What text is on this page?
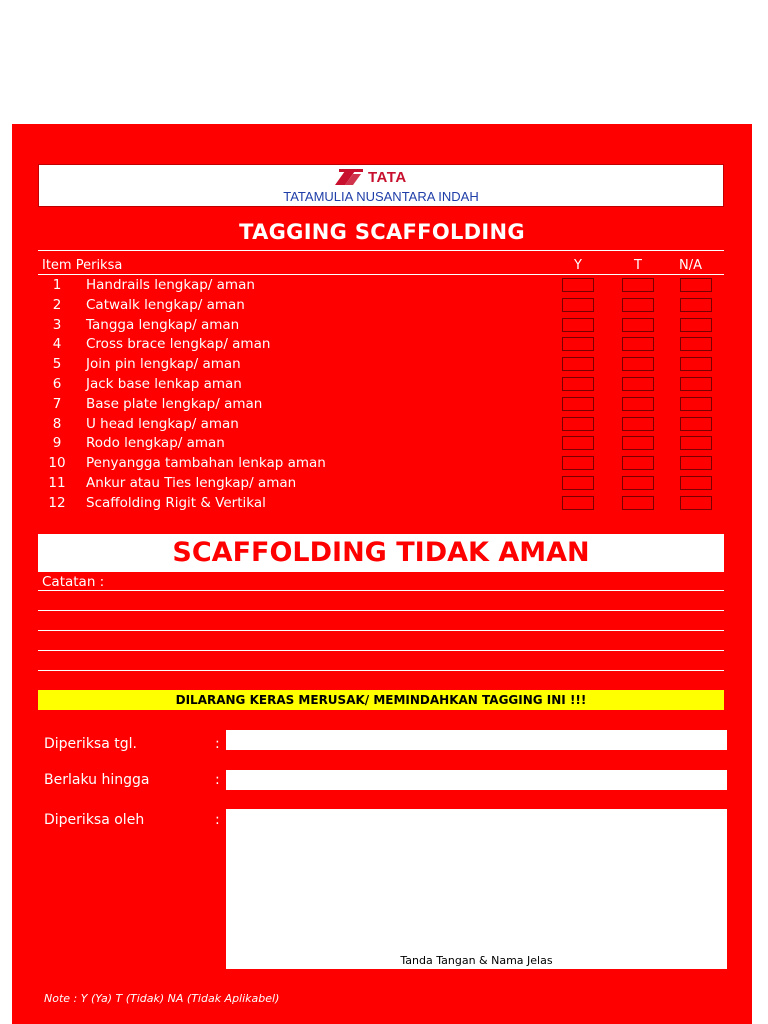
TATA
TATAMULIA NUSANTARA INDAH
TAGGING SCAFFOLDING
Item Periksa	Y	T	N/A
1	Handrails lengkap/ aman
2	Catwalk lengkap/ aman
3	Tangga lengkap/ aman
4	Cross brace lengkap/ aman
5	Join pin lengkap/ aman
6	Jack base lenkap aman
7	Base plate lengkap/ aman
8	U head lengkap/ aman
9	Rodo lengkap/ aman
10	Penyangga tambahan lenkap aman
11	Ankur atau Ties lengkap/ aman
12	Scaffolding Rigit & Vertikal
SCAFFOLDING TIDAK AMAN
Catatan :
DILARANG KERAS MERUSAK/ MEMINDAHKAN TAGGING INI !!!
Diperiksa tgl.	:
Berlaku hingga	:
Diperiksa oleh	:
Tanda Tangan & Nama Jelas
Note : Y (Ya) T (Tidak) NA (Tidak Aplikabel)
